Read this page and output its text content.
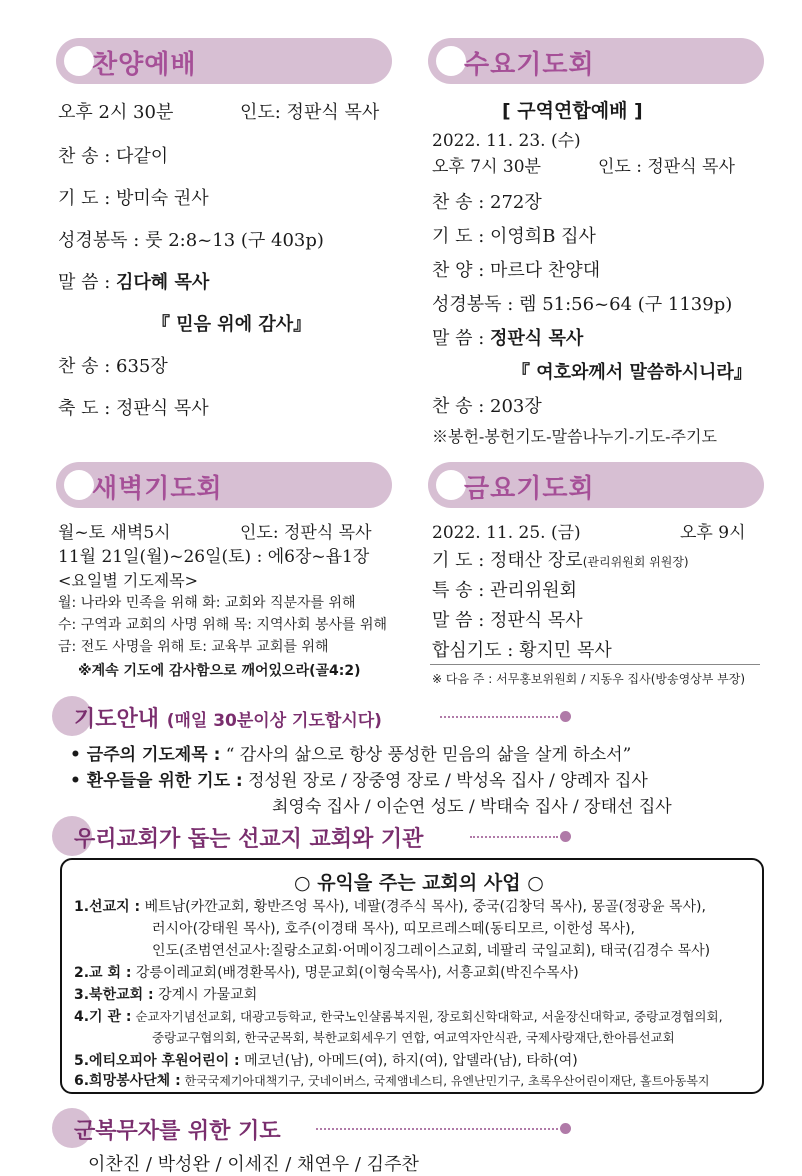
찬양예배
오후 2시 30분	인도: 정판식 목사
찬 송 : 다같이
기 도 : 방미숙 권사
성경봉독 : 룻 2:8~13 (구 403p)
말 씀 : 김다혜 목사
『 믿음 위에 감사』
찬 송 : 635장
축 도 : 정판식 목사
수요기도회
[ 구역연합예배 ]
2022. 11. 23. (수)
오후 7시 30분	인도 : 정판식 목사
찬 송 : 272장
기 도 : 이영희B 집사
찬 양 : 마르다 찬양대
성경봉독 : 렘 51:56~64 (구 1139p)
말 씀 : 정판식 목사
『 여호와께서 말씀하시니라』
찬 송 : 203장
※봉헌-봉헌기도-말씀나누기-기도-주기도
새벽기도회
월~토 새벽5시	인도: 정판식 목사
11월 21일(월)~26일(토) : 에6장~욥1장
<요일별 기도제목>
월: 나라와 민족을 위해 화: 교회와 직분자를 위해
수: 구역과 교회의 사명 위해 목: 지역사회 봉사를 위해
금: 전도 사명을 위해 토: 교육부 교회를 위해
※계속 기도에 감사함으로 깨어있으라(골4:2)
금요기도회
2022. 11. 25. (금)	오후 9시
기 도 : 정태산 장로(관리위원회 위원장)
특 송 : 관리위원회
말 씀 : 정판식 목사
합심기도 : 황지민 목사
※ 다음 주 : 서무홍보위원회 / 지동우 집사(방송영상부 부장)
기도안내 (매일 30분이상 기도합시다)
• 금주의 기도제목 : “ 감사의 삶으로 항상 풍성한 믿음의 삶을 살게 하소서”
• 환우들을 위한 기도 : 정성원 장로 / 장중영 장로 / 박성옥 집사 / 양례자 집사
최영숙 집사 / 이순연 성도 / 박태숙 집사 / 장태선 집사
우리교회가 돕는 선교지 교회와 기관
○ 유익을 주는 교회의 사업 ○
1.선교지 : 베트남(카깐교회, 황반즈엉 목사), 네팔(경주식 목사), 중국(김창덕 목사), 몽골(정광윤 목사),
러시아(강태원 목사), 호주(이경태 목사), 띠모르레스떼(동티모르, 이한성 목사),
인도(조범연선교사:질랑소교회·어메이징그레이스교회, 네팔리 국일교회), 태국(김경수 목사)
2.교 회 : 강릉이레교회(배경환목사), 명문교회(이형숙목사), 서흥교회(박진수목사)
3.북한교회 : 강계시 가물교회
4.기 관 : 순교자기념선교회, 대광고등학교, 한국노인샬롬복지원, 장로회신학대학교, 서울장신대학교, 중랑교경협의회,
중랑교구협의회, 한국군목회, 북한교회세우기 연합, 여교역자안식관, 국제사랑재단,한아름선교회
5.에티오피아 후원어린이 : 메코넌(남), 아메드(여), 하지(여), 압델라(남), 타하(여)
6.희망봉사단체 : 한국국제기아대책기구, 굿네이버스, 국제앰네스티, 유엔난민기구, 초록우산어린이재단, 홀트아동복지
군복무자를 위한 기도
이찬진 / 박성완 / 이세진 / 채연우 / 김주찬
